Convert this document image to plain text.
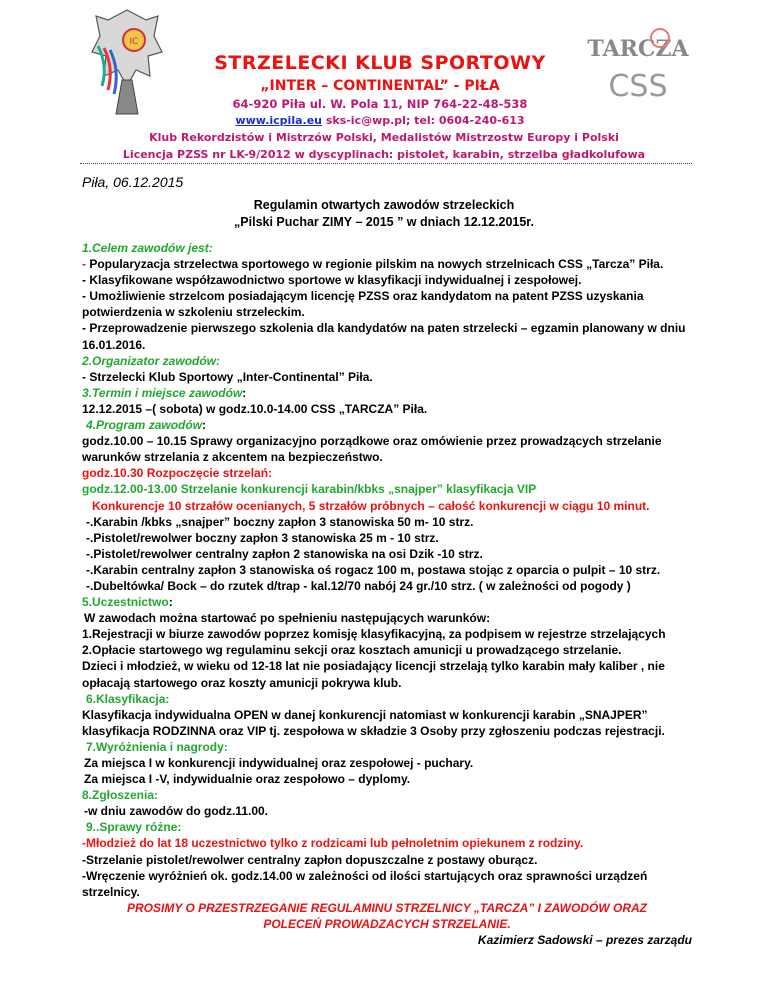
IC
STRZELECKI KLUB SPORTOWY
„INTER – CONTINENTAL” - PIŁA
64-920 Piła ul. W. Pola 11, NIP 764-22-48-538
www.icpila.eu sks-ic@wp.pl; tel: 0604-240-613
Klub Rekordzistów i Mistrzów Polski, Medalistów Mistrzostw Europy i Polski
Licencja PZSS nr LK-9/2012 w dyscyplinach: pistolet, karabin, strzelba gładkolufowa
TARCZA
CSS
Piła, 06.12.2015
Regulamin otwartych zawodów strzeleckich
„Pilski Puchar ZIMY – 2015 ” w dniach 12.12.2015r.

1.Celem zawodów jest:

- Popularyzacja strzelectwa sportowego w regionie pilskim na nowych strzelnicach CSS „Tarcza” Piła.

- Klasyfikowane współzawodnictwo sportowe w klasyfikacji indywidualnej i zespołowej.

- Umożliwienie strzelcom posiadającym licencję PZSS oraz kandydatom na patent PZSS uzyskania potwierdzenia w szkoleniu strzeleckim.

- Przeprowadzenie pierwszego szkolenia dla kandydatów na paten strzelecki – egzamin planowany w dniu 16.01.2016.

2.Organizator zawodów:

- Strzelecki Klub Sportowy „Inter-Continental” Piła.

3.Termin i miejsce zawodów:

12.12.2015 –( sobota) w godz.10.0-14.00 CSS „TARCZA” Piła.

4.Program zawodów:

godz.10.00 – 10.15 Sprawy organizacyjno porządkowe oraz omówienie przez prowadzących strzelanie warunków strzelania z akcentem na bezpieczeństwo.

godz.10.30 Rozpoczęcie strzelań:

godz.12.00-13.00 Strzelanie konkurencji karabin/kbks „snajper” klasyfikacja VIP

Konkurencje 10 strzałów ocenianych, 5 strzałów próbnych – całość konkurencji w ciągu 10 minut.

-.Karabin /kbks „snajper” boczny zapłon 3 stanowiska 50 m- 10 strz.

-.Pistolet/rewolwer boczny zapłon 3 stanowiska 25 m - 10 strz.

-.Pistolet/rewolwer centralny zapłon 2 stanowiska na osi Dzik -10 strz.

-.Karabin centralny zapłon 3 stanowiska oś rogacz 100 m, postawa stojąc z oparcia o pulpit – 10 strz.

-.Dubeltówka/ Bock – do rzutek d/trap - kal.12/70 nabój 24 gr./10 strz. ( w zależności od pogody )

5.Uczestnictwo:

W zawodach można startować po spełnieniu następujących warunków:

1.Rejestracji w biurze zawodów poprzez komisję klasyfikacyjną, za podpisem w rejestrze strzelających

2.Opłacie startowego wg regulaminu sekcji oraz kosztach amunicji u prowadzącego strzelanie.

Dzieci i młodzież, w wieku od 12-18 lat nie posiadający licencji strzelają tylko karabin mały kaliber , nie opłacają startowego oraz koszty amunicji pokrywa klub.

6.Klasyfikacja:

Klasyfikacja indywidualna OPEN w danej konkurencji natomiast w konkurencji karabin „SNAJPER” klasyfikacja RODZINNA oraz VIP tj. zespołowa w składzie 3 Osoby przy zgłoszeniu podczas rejestracji.

7.Wyróżnienia i nagrody:

Za miejsca I w konkurencji indywidualnej oraz zespołowej - puchary.

Za miejsca I -V, indywidualnie oraz zespołowo – dyplomy.

8.Zgłoszenia:

-w dniu zawodów do godz.11.00.

9..Sprawy różne:

-Młodzież do lat 18 uczestnictwo tylko z rodzicami lub pełnoletnim opiekunem z rodziny.

-Strzelanie pistolet/rewolwer centralny zapłon dopuszczalne z postawy oburącz.

-Wręczenie wyróżnień ok. godz.14.00 w zależności od ilości startujących oraz sprawności urządzeń strzelnicy.

PROSIMY O PRZESTRZEGANIE REGULAMINU STRZELNICY „TARCZA” I ZAWODÓW ORAZ POLECEŃ PROWADZACYCH STRZELANIE.

Kazimierz Sadowski – prezes zarządu
